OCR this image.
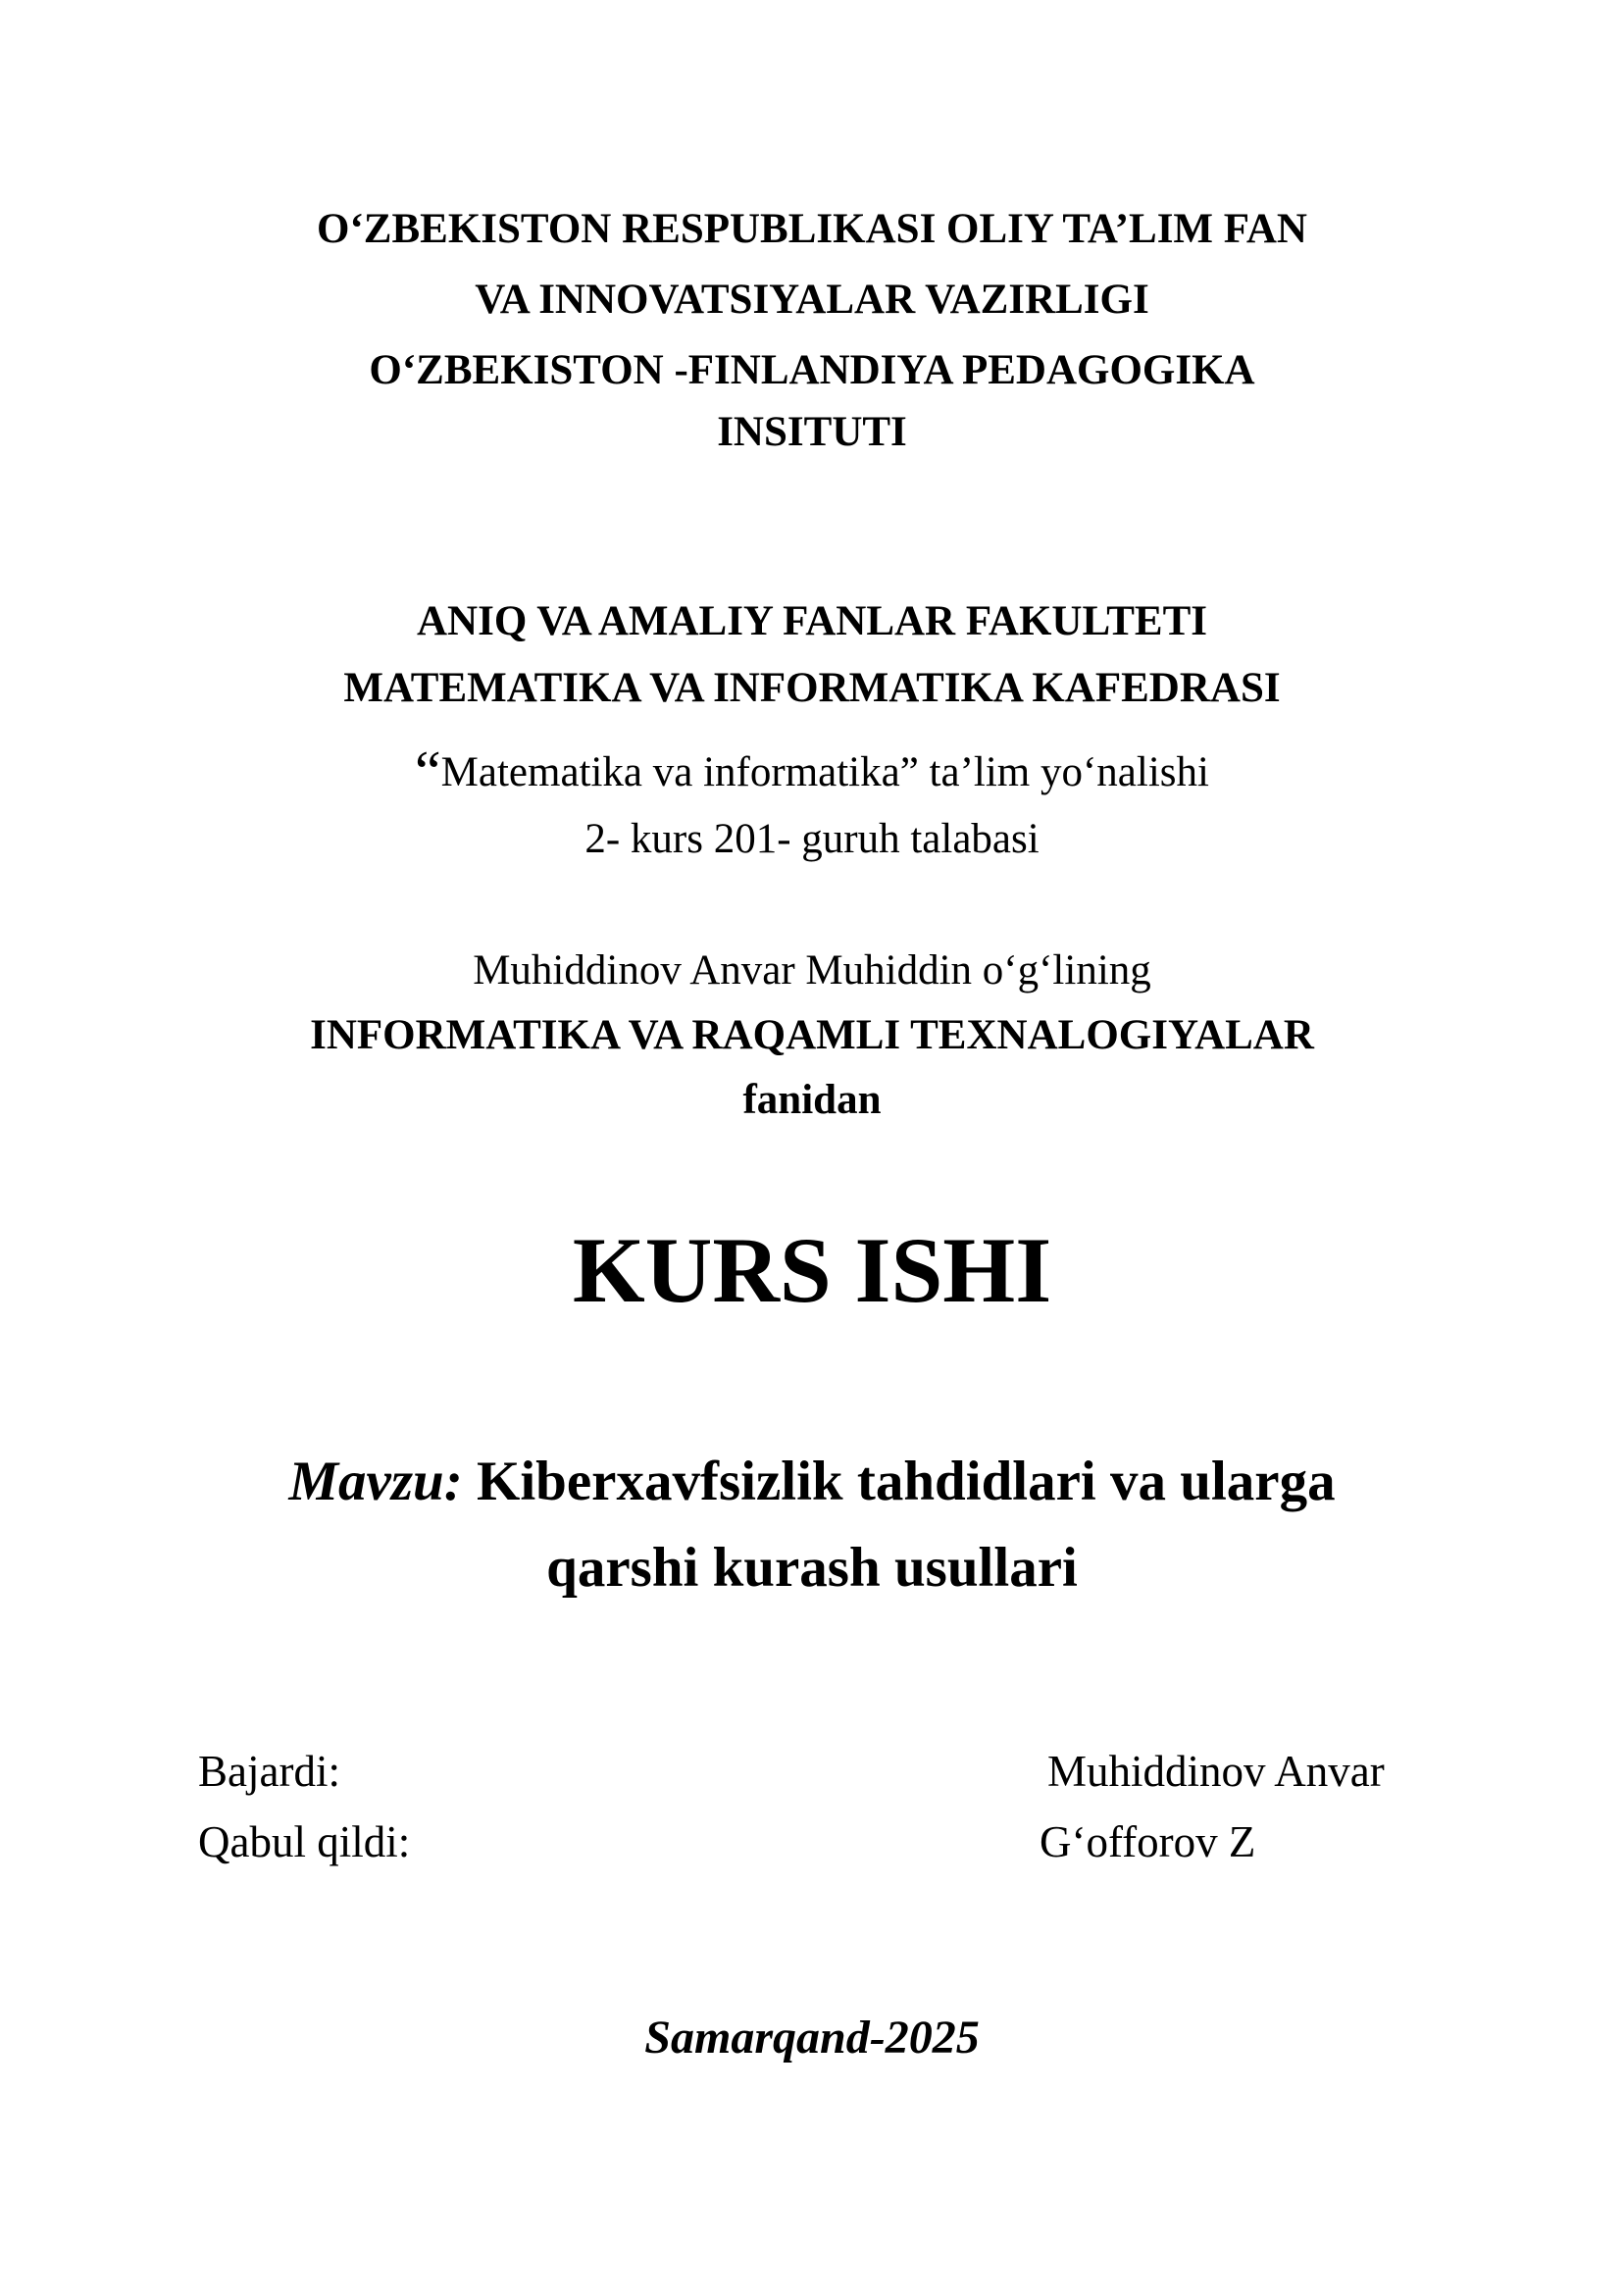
O‘ZBEKISTON RESPUBLIKASI OLIY TA’LIM FAN
VA INNOVATSIYALAR VAZIRLIGI
O‘ZBEKISTON -FINLANDIYA PEDAGOGIKA
INSITUTI
ANIQ VA AMALIY FANLAR FAKULTETI
MATEMATIKA VA INFORMATIKA KAFEDRASI
“Matematika va informatika” ta’lim yo‘nalishi
2- kurs 201- guruh talabasi
Muhiddinov Anvar Muhiddin o‘g‘lining
INFORMATIKA VA RAQAMLI TEXNALOGIYALAR
fanidan
KURS ISHI
Mavzu: Kiberxavfsizlik tahdidlari va ularga
qarshi kurash usullari
Bajardi:	Muhiddinov Anvar
Qabul qildi:	G‘offorov Z
Samarqand-2025
